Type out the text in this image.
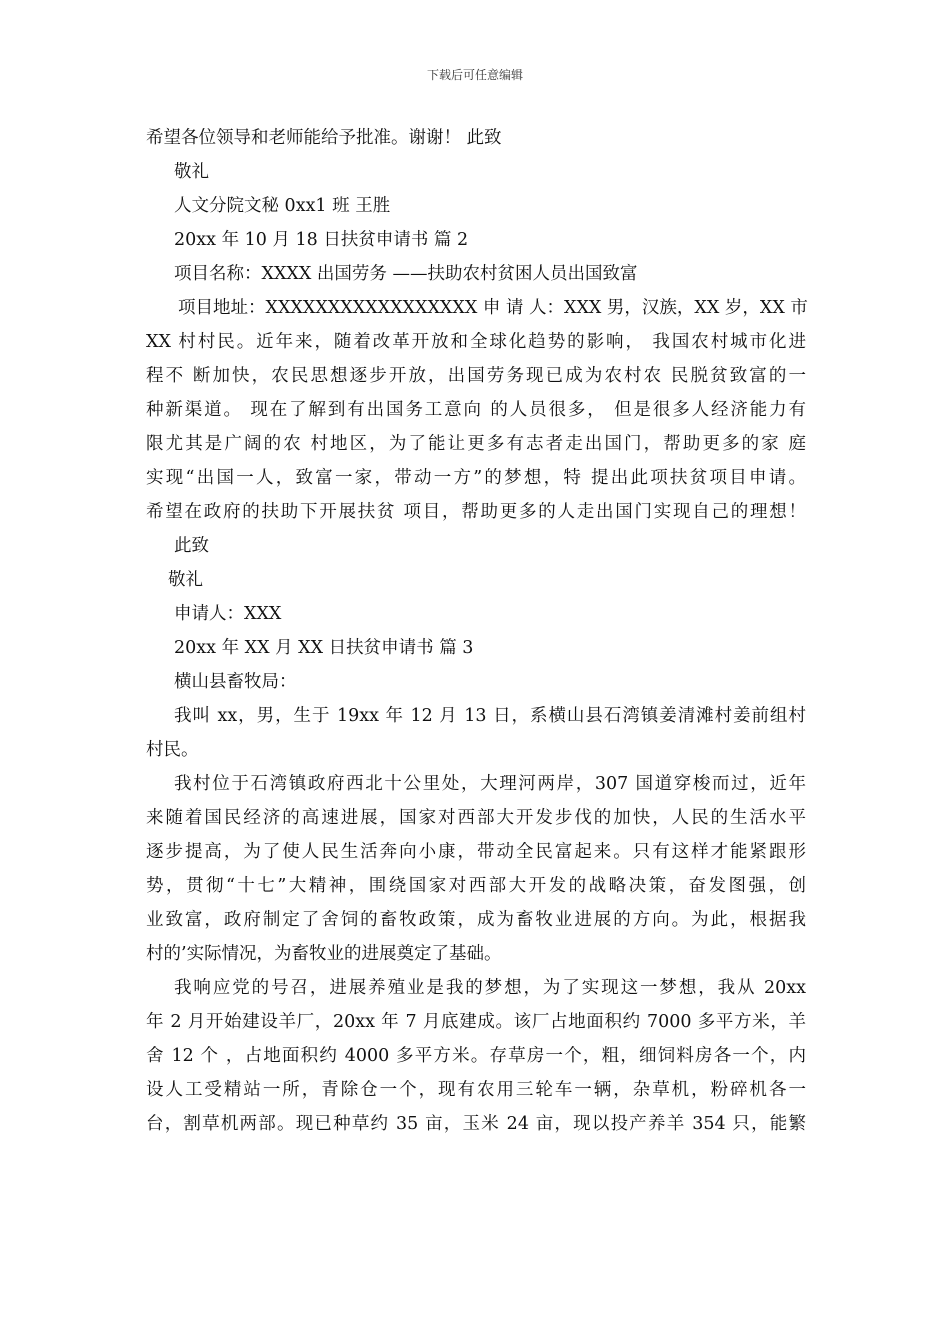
下载后可任意编辑
希望各位领导和老师能给予批准。谢谢！ 此致
敬礼
人文分院文秘 0xx1 班 王胜
20xx 年 10 月 18 日扶贫申请书 篇 2
项目名称：XXXX 出国劳务 ——扶助农村贫困人员出国致富
项目地址：XXXXXXXXXXXXXXXXX 申 请 人：XXX 男，汉族，XX 岁，XX 市
XX 村村民。近年来，随着改革开放和全球化趋势的影响， 我国农村城市化进
程不 断加快，农民思想逐步开放，出国劳务现已成为农村农 民脱贫致富的一
种新渠道。 现在了解到有出国务工意向 的人员很多， 但是很多人经济能力有
限尤其是广阔的农 村地区，为了能让更多有志者走出国门，帮助更多的家 庭
实现“出国一人，致富一家，带动一方”的梦想，特 提出此项扶贫项目申请。
希望在政府的扶助下开展扶贫 项目，帮助更多的人走出国门实现自己的理想！
此致
敬礼
申请人：XXX
20xx 年 XX 月 XX 日扶贫申请书 篇 3
横山县畜牧局：
我叫 xx，男，生于 19xx 年 12 月 13 日，系横山县石湾镇姜清滩村姜前组村
村民。
我村位于石湾镇政府西北十公里处，大理河两岸，307 国道穿梭而过，近年
来随着国民经济的高速进展，国家对西部大开发步伐的加快，人民的生活水平
逐步提高，为了使人民生活奔向小康，带动全民富起来。只有这样才能紧跟形
势，贯彻“十七”大精神，围绕国家对西部大开发的战略决策，奋发图强，创
业致富，政府制定了舍饲的畜牧政策，成为畜牧业进展的方向。为此，根据我
村的’实际情况，为畜牧业的进展奠定了基础。
我响应党的号召，进展养殖业是我的梦想，为了实现这一梦想，我从 20xx
年 2 月开始建设羊厂，20xx 年 7 月底建成。该厂占地面积约 7000 多平方米，羊
舍 12 个 ，占地面积约 4000 多平方米。存草房一个，粗，细饲料房各一个，内
设人工受精站一所，青除仓一个，现有农用三轮车一辆，杂草机，粉碎机各一
台，割草机两部。现已种草约 35 亩，玉米 24 亩，现以投产养羊 354 只，能繁
